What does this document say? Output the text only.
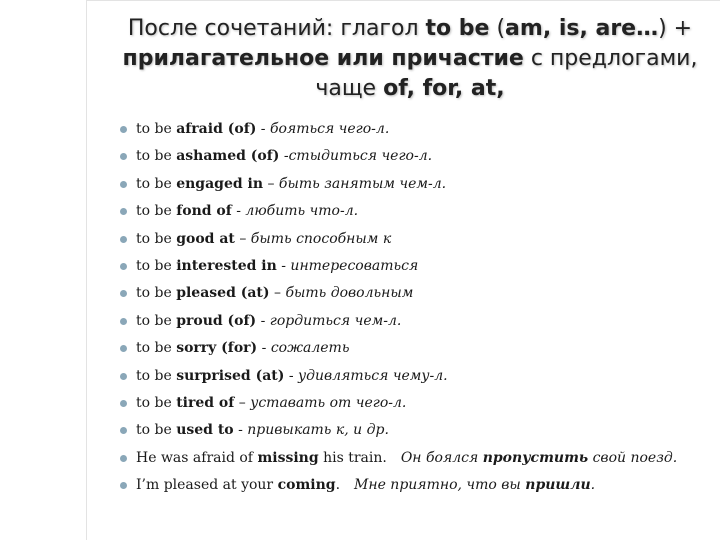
После сочетаний: глагол to be (am, is, are…) +
прилагательное или причастие с предлогами,
чаще of, for, at,
to be afraid (of) - бояться чего-л.
to be ashamed (of) -стыдиться чего-л.
to be engaged in – быть занятым чем-л.
to be fond of - любить что-л.
to be good at – быть способным к
to be interested in - интересоваться
to be pleased (at) – быть довольным
to be proud (of) - гордиться чем-л.
to be sorry (for) - сожалеть
to be surprised (at) - удивляться чему-л.
to be tired of – уставать от чего-л.
to be used to - привыкать к, и др.
He was afraid of missing his train. Он боялся пропустить свой поезд.
I’m pleased at your coming. Мне приятно, что вы пришли.
